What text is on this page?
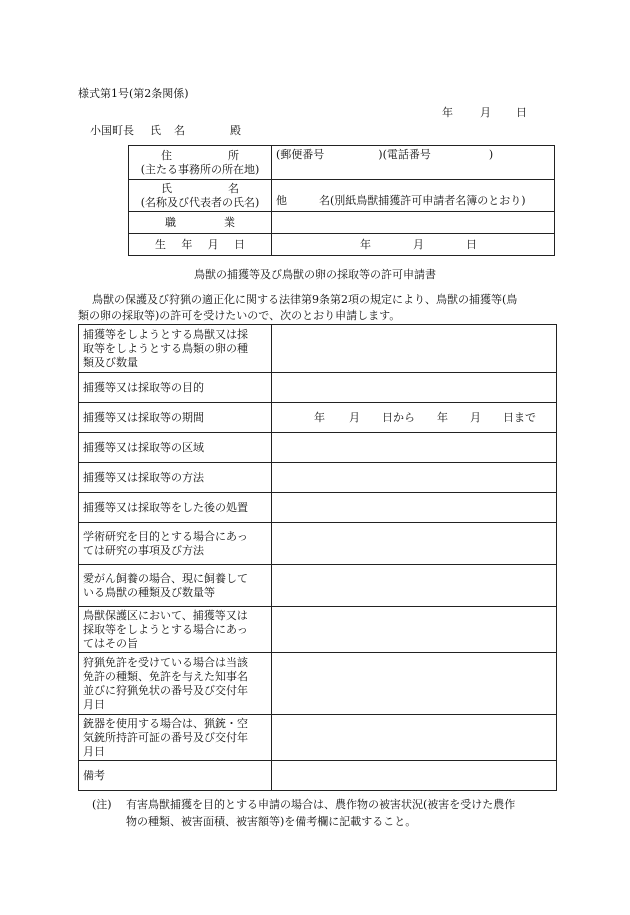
様式第1号(第2条関係)
年 月 日
小国町長 氏 名	殿
住 所
(主たる事務所の所在地)	(郵便番号 )(電話番号 )

氏 名
(名称及び代表者の氏名)	他 名(別紙鳥獣捕獲許可申請者名簿のとおり)

職 業	

生 年 月 日	年 月 日
鳥獣の捕獲等及び鳥獣の卵の採取等の許可申請書
鳥獣の保護及び狩猟の適正化に関する法律第9条第2項の規定により、鳥獣の捕獲等(鳥
類の卵の採取等)の許可を受けたいので、次のとおり申請します。
捕獲等をしようとする鳥獣又は採
取等をしようとする鳥類の卵の種
類及び数量	

捕獲等又は採取等の目的	
捕獲等又は採取等の期間	年 月 日から 年 月 日まで
捕獲等又は採取等の区域	
捕獲等又は採取等の方法	
捕獲等又は採取等をした後の処置	

学術研究を目的とする場合にあっ
ては研究の事項及び方法	

愛がん飼養の場合、現に飼養して
いる鳥獣の種類及び数量等	

鳥獣保護区において、捕獲等又は
採取等をしようとする場合にあっ
てはその旨	

狩猟免許を受けている場合は当該
免許の種類、免許を与えた知事名
並びに狩猟免状の番号及び交付年
月日	

銃器を使用する場合は、猟銃・空
気銃所持許可証の番号及び交付年
月日	

備考	
(注) 有害鳥獣捕獲を目的とする申請の場合は、農作物の被害状況(被害を受けた農作
物の種類、被害面積、被害額等)を備考欄に記載すること。
